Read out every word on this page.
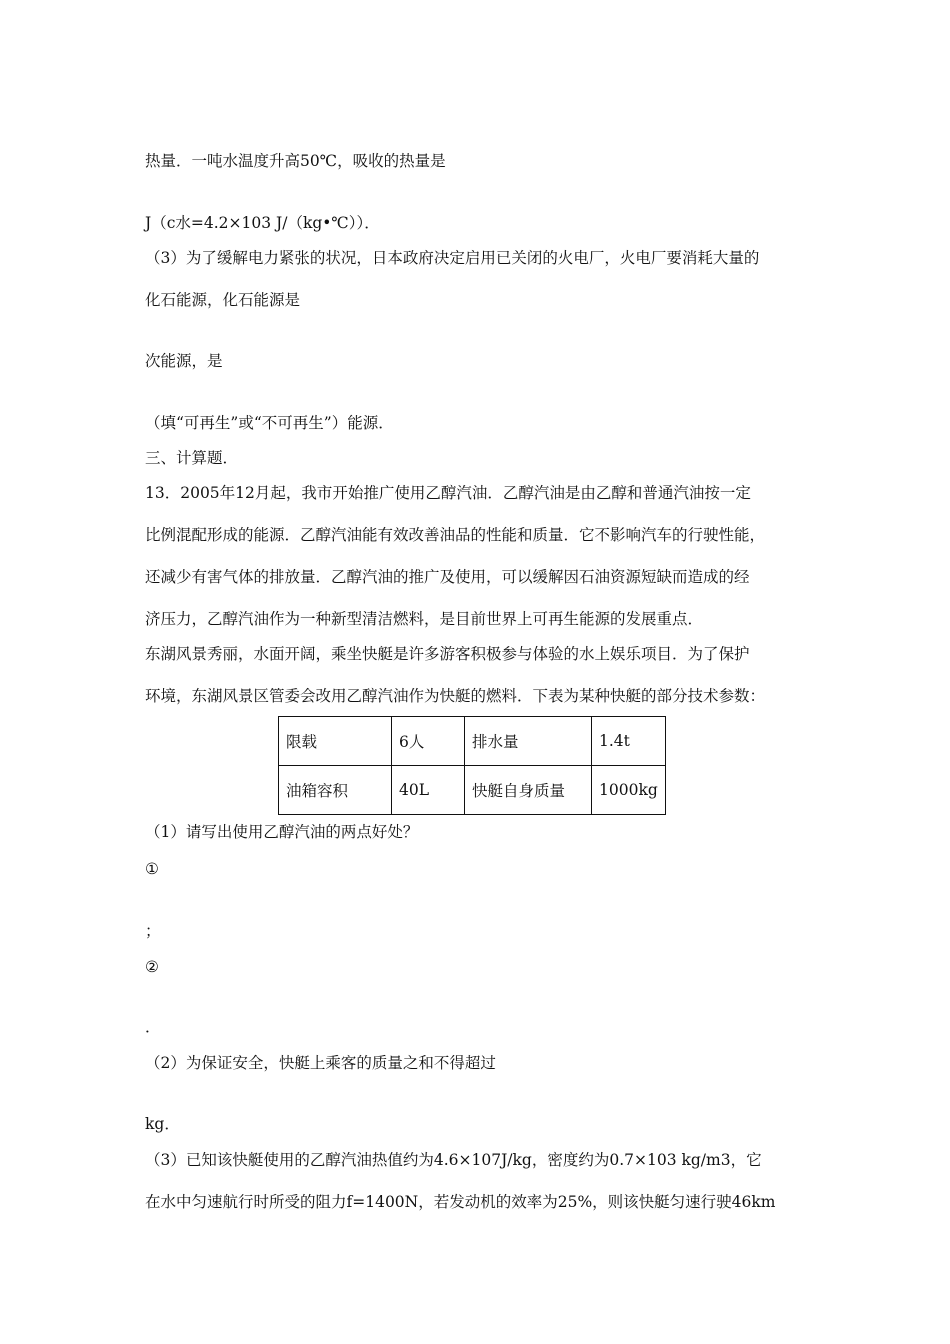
热量．一吨水温度升高50℃，吸收的热量是
J（c水=4.2×103 J/（kg•℃））．
（3）为了缓解电力紧张的状况，日本政府决定启用已关闭的火电厂，火电厂要消耗大量的
化石能源，化石能源是
次能源，是
（填“可再生”或“不可再生”）能源．
三、计算题．
13．2005年12月起，我市开始推广使用乙醇汽油．乙醇汽油是由乙醇和普通汽油按一定
比例混配形成的能源．乙醇汽油能有效改善油品的性能和质量．它不影响汽车的行驶性能，
还减少有害气体的排放量．乙醇汽油的推广及使用，可以缓解因石油资源短缺而造成的经
济压力，乙醇汽油作为一种新型清洁燃料，是目前世界上可再生能源的发展重点．
东湖风景秀丽，水面开阔，乘坐快艇是许多游客积极参与体验的水上娱乐项目．为了保护
环境，东湖风景区管委会改用乙醇汽油作为快艇的燃料．下表为某种快艇的部分技术参数：
限载	6人	排水量	1.4t
油箱容积	40L	快艇自身质量	1000kg
（1）请写出使用乙醇汽油的两点好处？
①
；
②
．
（2）为保证安全，快艇上乘客的质量之和不得超过
kg．
（3）已知该快艇使用的乙醇汽油热值约为4.6×107J/kg，密度约为0.7×103 kg/m3，它
在水中匀速航行时所受的阻力f=1400N，若发动机的效率为25%，则该快艇匀速行驶46km
